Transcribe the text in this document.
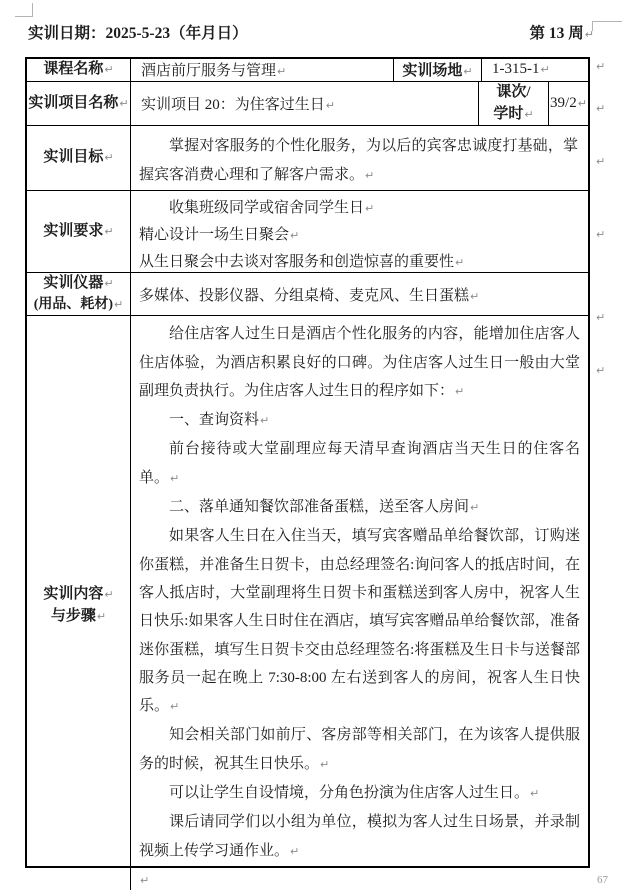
实训日期：2025-5-23（年月日）	第 13 周↵
课程名称↵ 酒店前厅服务与管理↵	实训场地↵ 1-315-1↵
实训项目名称↵ 实训项目 20：为住客过生日↵
课次/
学时↵
39/2↵
实训目标↵
掌握对客服务的个性化服务，为以后的宾客忠诚度打基础，掌握宾客消费心理和了解客户需求。↵
实训要求↵
收集班级同学或宿舍同学生日↵
精心设计一场生日聚会↵
从生日聚会中去谈对客服务和创造惊喜的重要性↵
实训仪器↵
(用品、耗材)↵
多媒体、投影仪器、分组桌椅、麦克风、生日蛋糕↵
实训内容↵
与步骤↵
给住店客人过生日是酒店个性化服务的内容，能增加住店客人住店体验，为酒店积累良好的口碑。为住店客人过生日一般由大堂副理负责执行。为住店客人过生日的程序如下：↵
一、查询资料↵
前台接待或大堂副理应每天清早查询酒店当天生日的住客名单。↵
二、落单通知餐饮部准备蛋糕，送至客人房间↵
如果客人生日在入住当天，填写宾客赠品单给餐饮部，订购迷你蛋糕，并准备生日贺卡，由总经理签名:询问客人的抵店时间，在客人抵店时，大堂副理将生日贺卡和蛋糕送到客人房中，祝客人生日快乐:如果客人生日时住在酒店，填写宾客赠品单给餐饮部，准备迷你蛋糕，填写生日贺卡交由总经理签名:将蛋糕及生日卡与送餐部服务员一起在晚上 7:30-8:00 左右送到客人的房间，祝客人生日快乐。↵
知会相关部门如前厅、客房部等相关部门，在为该客人提供服务的时候，祝其生日快乐。↵
可以让学生自设情境，分角色扮演为住店客人过生日。↵
课后请同学们以小组为单位，模拟为客人过生日场景，并录制视频上传学习通作业。↵
↵
↵
↵
↵
↵
↵
↵
67
